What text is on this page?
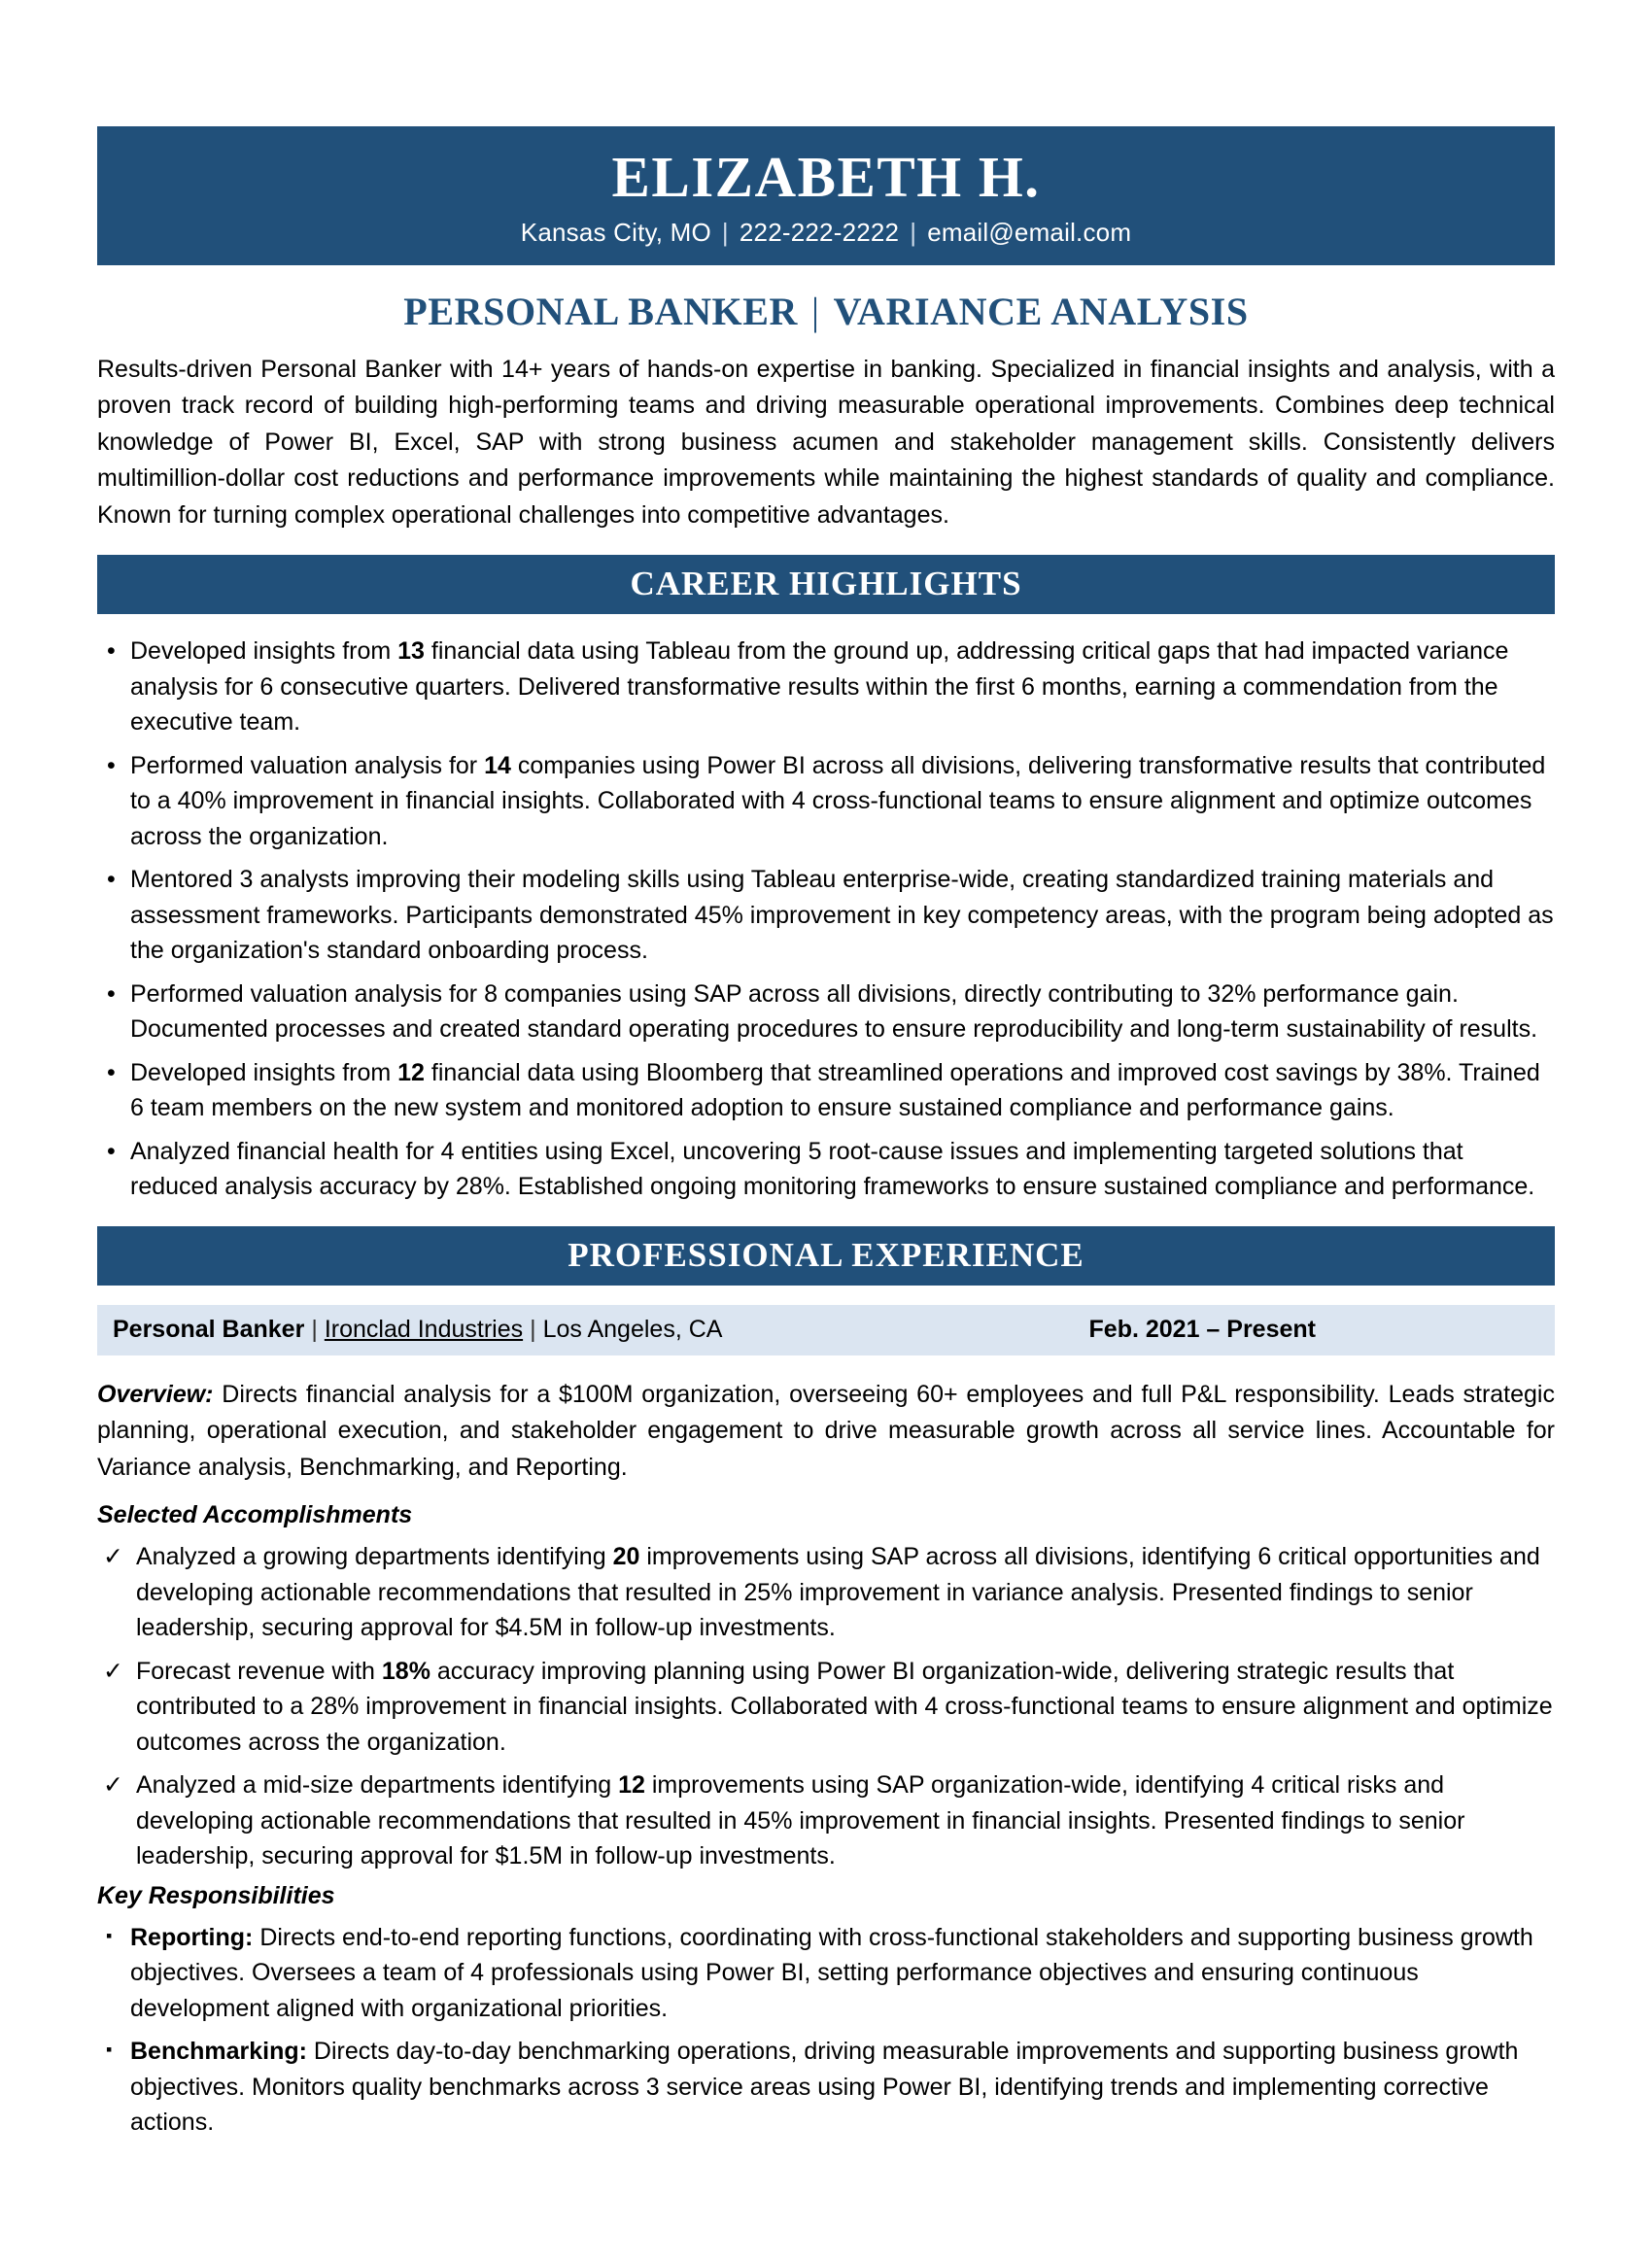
ELIZABETH H.
Kansas City, MO | 222-222-2222 | email@email.com
PERSONAL BANKER | VARIANCE ANALYSIS
Results-driven Personal Banker with 14+ years of hands-on expertise in banking. Specialized in financial insights and analysis, with a proven track record of building high-performing teams and driving measurable operational improvements. Combines deep technical knowledge of Power BI, Excel, SAP with strong business acumen and stakeholder management skills. Consistently delivers multimillion-dollar cost reductions and performance improvements while maintaining the highest standards of quality and compliance. Known for turning complex operational challenges into competitive advantages.
CAREER HIGHLIGHTS
• Developed insights from 13 financial data using Tableau from the ground up, addressing critical gaps that had impacted variance analysis for 6 consecutive quarters. Delivered transformative results within the first 6 months, earning a commendation from the executive team.
• Performed valuation analysis for 14 companies using Power BI across all divisions, delivering transformative results that contributed to a 40% improvement in financial insights. Collaborated with 4 cross-functional teams to ensure alignment and optimize outcomes across the organization.
• Mentored 3 analysts improving their modeling skills using Tableau enterprise-wide, creating standardized training materials and assessment frameworks. Participants demonstrated 45% improvement in key competency areas, with the program being adopted as the organization's standard onboarding process.
• Performed valuation analysis for 8 companies using SAP across all divisions, directly contributing to 32% performance gain. Documented processes and created standard operating procedures to ensure reproducibility and long-term sustainability of results.
• Developed insights from 12 financial data using Bloomberg that streamlined operations and improved cost savings by 38%. Trained 6 team members on the new system and monitored adoption to ensure sustained compliance and performance gains.
• Analyzed financial health for 4 entities using Excel, uncovering 5 root-cause issues and implementing targeted solutions that reduced analysis accuracy by 28%. Established ongoing monitoring frameworks to ensure sustained compliance and performance.
PROFESSIONAL EXPERIENCE
Personal Banker | Ironclad Industries | Los Angeles, CA	Feb. 2021 – Present
Overview: Directs financial analysis for a $100M organization, overseeing 60+ employees and full P&L responsibility. Leads strategic planning, operational execution, and stakeholder engagement to drive measurable growth across all service lines. Accountable for Variance analysis, Benchmarking, and Reporting.
Selected Accomplishments
✓ Analyzed a growing departments identifying 20 improvements using SAP across all divisions, identifying 6 critical opportunities and developing actionable recommendations that resulted in 25% improvement in variance analysis. Presented findings to senior leadership, securing approval for $4.5M in follow-up investments.
✓ Forecast revenue with 18% accuracy improving planning using Power BI organization-wide, delivering strategic results that contributed to a 28% improvement in financial insights. Collaborated with 4 cross-functional teams to ensure alignment and optimize outcomes across the organization.
✓ Analyzed a mid-size departments identifying 12 improvements using SAP organization-wide, identifying 4 critical risks and developing actionable recommendations that resulted in 45% improvement in financial insights. Presented findings to senior leadership, securing approval for $1.5M in follow-up investments.
Key Responsibilities
▪ Reporting: Directs end-to-end reporting functions, coordinating with cross-functional stakeholders and supporting business growth objectives. Oversees a team of 4 professionals using Power BI, setting performance objectives and ensuring continuous development aligned with organizational priorities.
▪ Benchmarking: Directs day-to-day benchmarking operations, driving measurable improvements and supporting business growth objectives. Monitors quality benchmarks across 3 service areas using Power BI, identifying trends and implementing corrective actions.
